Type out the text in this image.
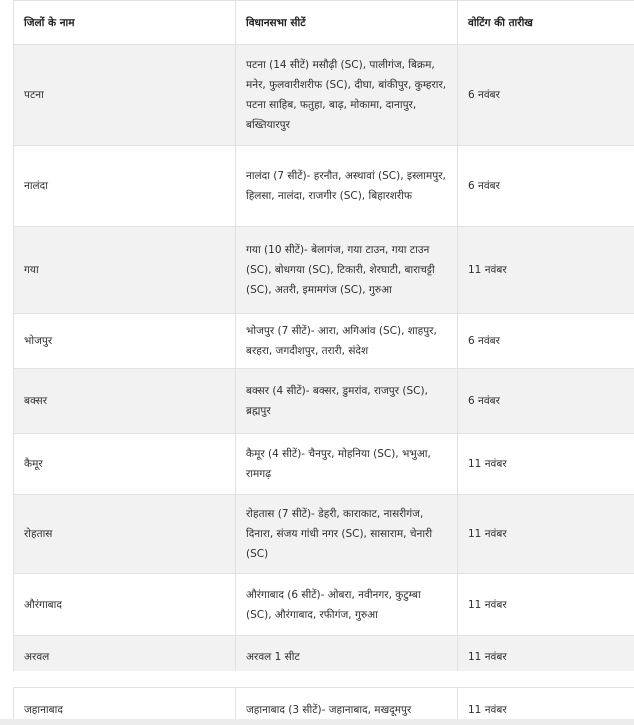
जिलों के नाम	विधानसभा सीटें	वोटिंग की तारीख
पटना	पटना (14 सीटें) मसौढ़ी (SC), पालीगंज, बिक्रम, मनेर, फुलवारीशरीफ (SC), दीघा, बांकीपुर, कुम्हरार, पटना साहिब, फतुहा, बाढ़, मोकामा, दानापुर, बख्तियारपुर	6 नवंबर
नालंदा	नालंदा (7 सीटें)- हरनौत, अस्थावां (SC), इस्लामपुर, हिलसा, नालंदा, राजगीर (SC), बिहारशरीफ	6 नवंबर
गया	गया (10 सीटें)- बेलागंज, गया टाउन, गया टाउन (SC), बोधगया (SC), टिकारी, शेरघाटी, बाराचट्टी (SC), अतरी, इमामगंज (SC), गुरुआ	11 नवंबर
भोजपुर	भोजपुर (7 सीटें)- आरा, अगिआंव (SC), शाहपुर, बरहरा, जगदीशपुर, तरारी, संदेश	6 नवंबर
बक्सर	बक्सर (4 सीटें)- बक्सर, डुमरांव, राजपुर (SC), ब्रह्मपुर	6 नवंबर
कैमूर	कैमूर (4 सीटें)- चैनपुर, मोहनिया (SC), भभुआ, रामगढ़	11 नवंबर
रोहतास	रोहतास (7 सीटें)- डेहरी, काराकाट, नासरीगंज, दिनारा, संजय गांधी नगर (SC), सासाराम, चेनारी (SC)	11 नवंबर
औरंगाबाद	औरंगाबाद (6 सीटें)- ओबरा, नवीनगर, कुटुम्बा (SC), औरंगाबाद, रफीगंज, गुरुआ	11 नवंबर
अरवल	अरवल 1 सीट	11 नवंबर
जहानाबाद	जहानाबाद (3 सीटें)- जहानाबाद, मखदूमपुर	11 नवंबर
